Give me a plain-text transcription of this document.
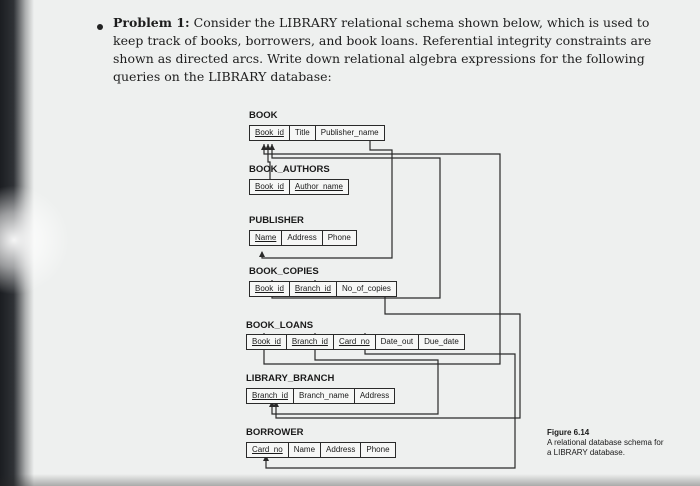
Problem 1: Consider the LIBRARY relational schema shown below, which is used to keep track of books, borrowers, and book loans. Referential integrity constraints are shown as directed arcs. Write down relational algebra expressions for the following queries on the LIBRARY database:
BOOK
Book_id	Title	Publisher_name
BOOK_AUTHORS
Book_id	Author_name
PUBLISHER
Name	Address	Phone
BOOK_COPIES
Book_id	Branch_id	No_of_copies
BOOK_LOANS
Book_id	Branch_id	Card_no	Date_out	Due_date
LIBRARY_BRANCH
Branch_id	Branch_name	Address
BORROWER
Card_no	Name	Address	Phone
Figure 6.14
A relational database schema for a LIBRARY database.
